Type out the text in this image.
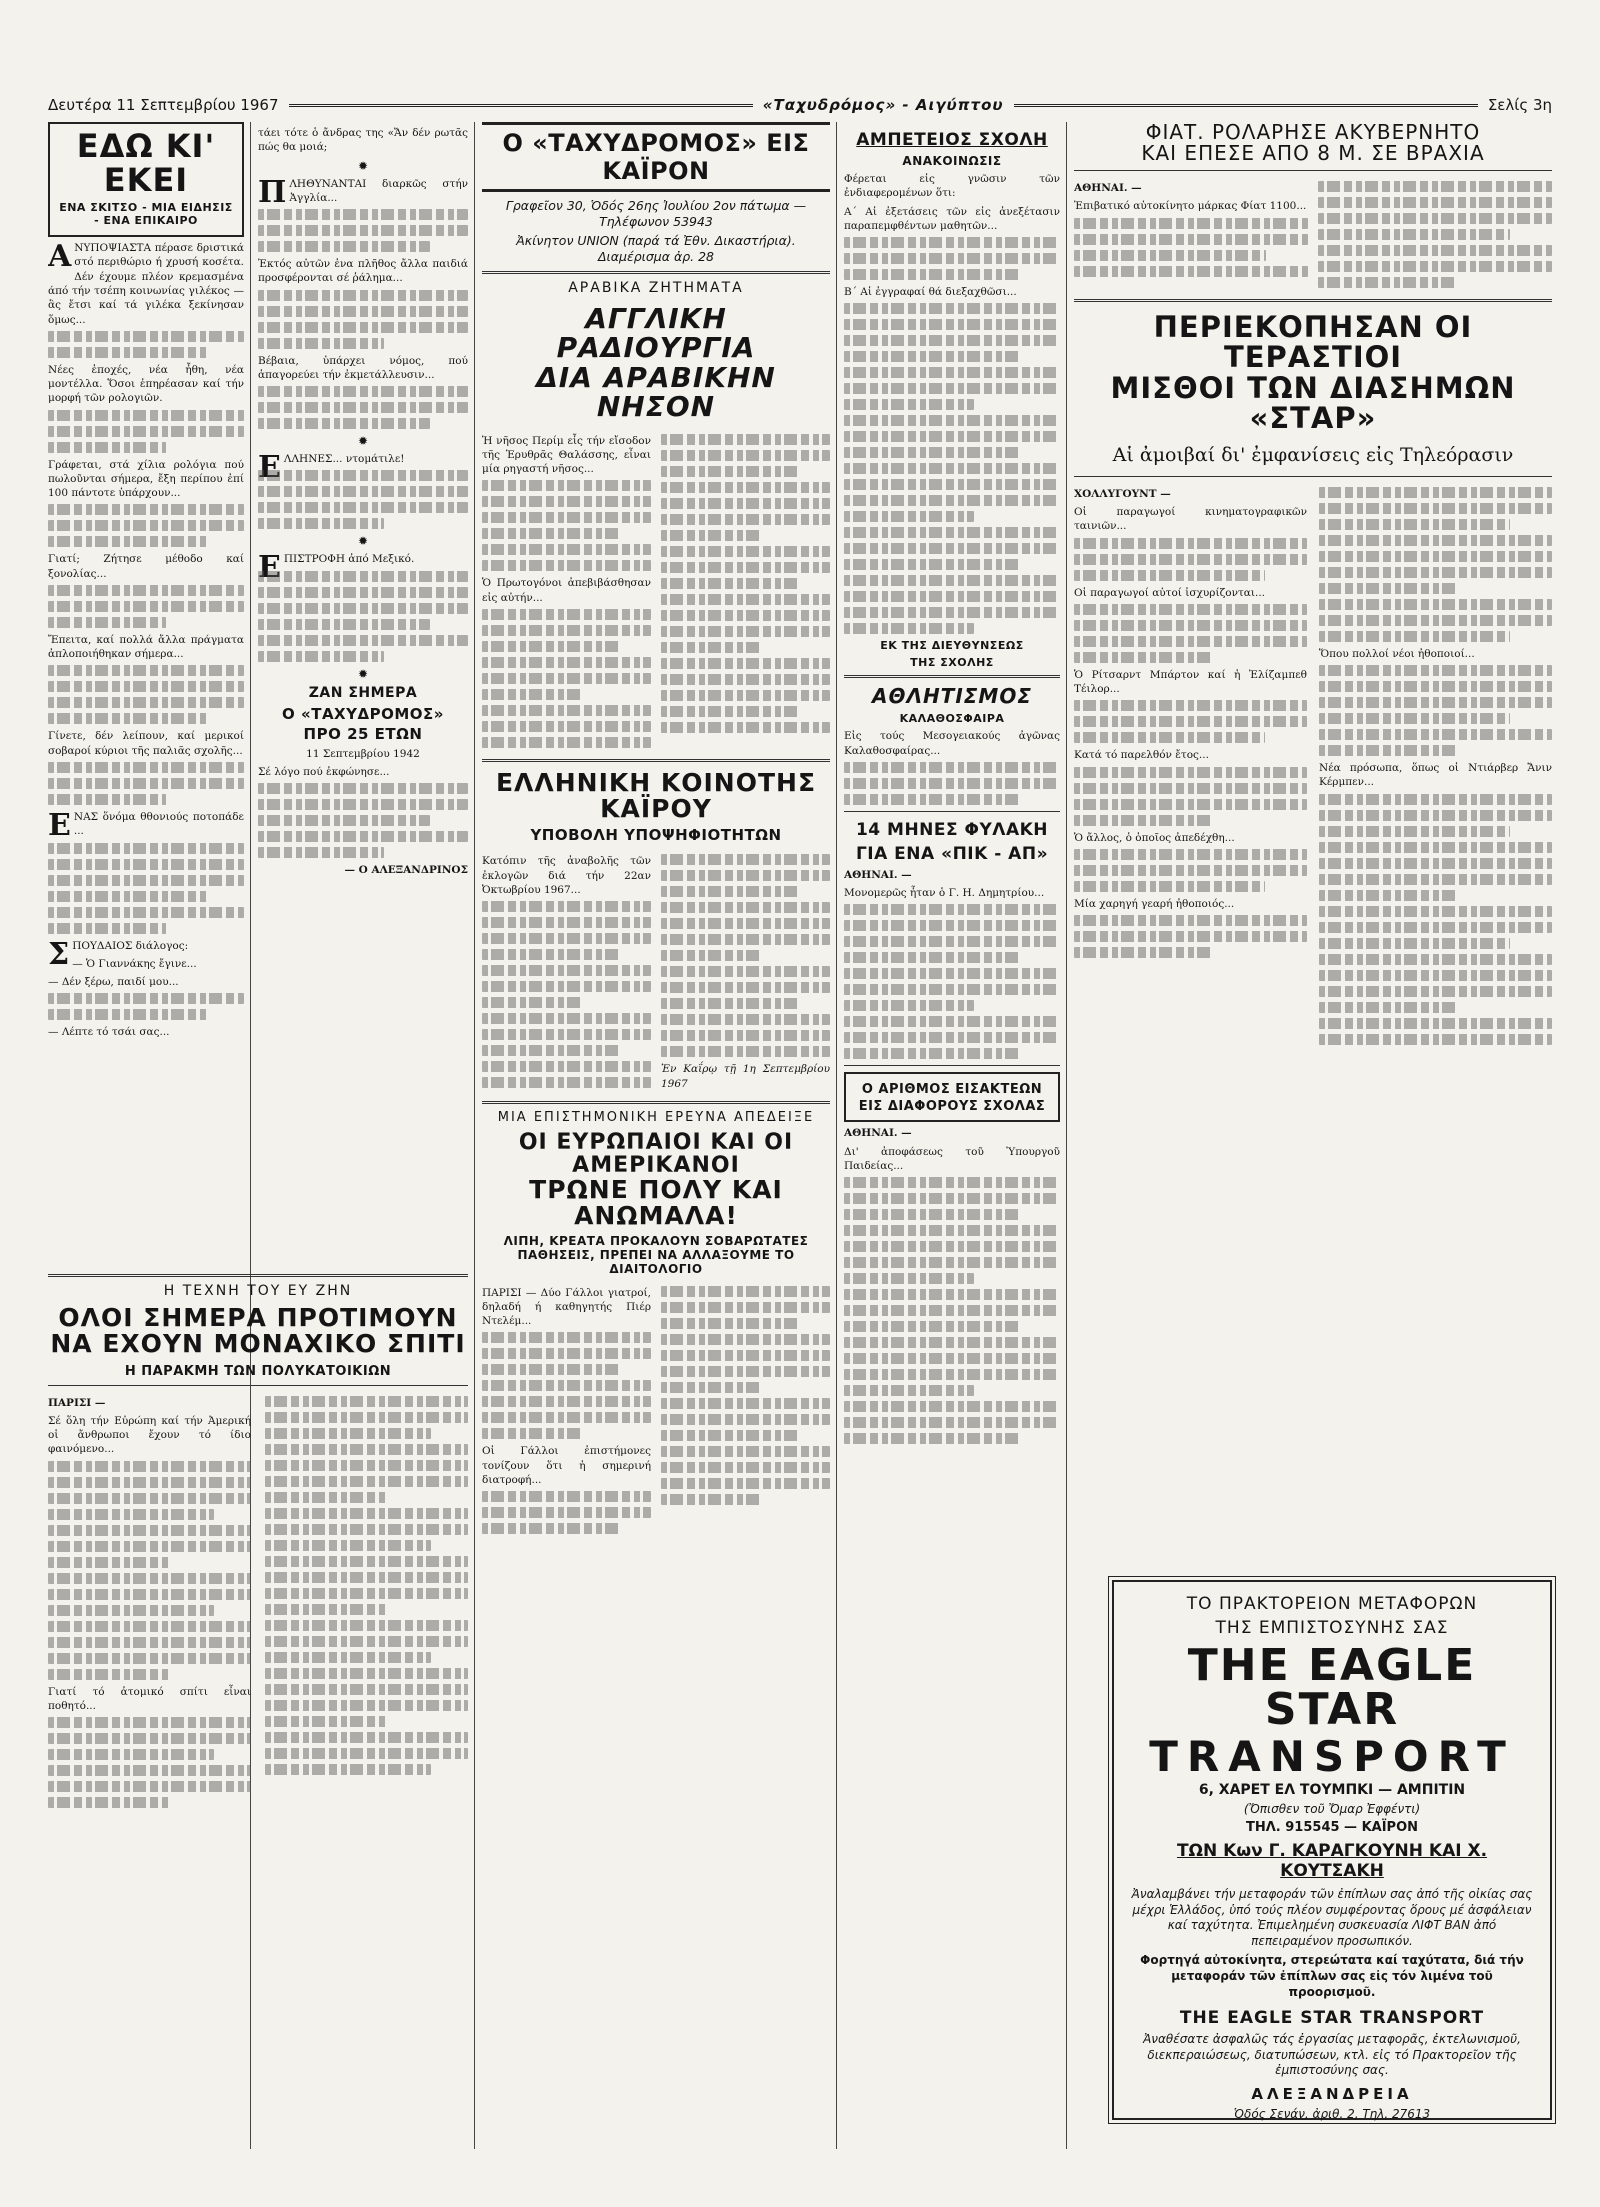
Δευτέρα 11 Σεπτεμβρίου 1967	«Ταχυδρόμος» - Αιγύπτου	Σελίς 3η
ΕΔΩ ΚΙ' ΕΚΕΙ
ΕΝΑ ΣΚΙΤΣΟ - ΜΙΑ ΕΙΔΗΣΙΣ - ΕΝΑ ΕΠΙΚΑΙΡΟ

ΑΝΥΠΟΨΙΑΣΤΑ πέρασε δριστικά στό περιθώριο ή χρυσή κοσέτα. Δέν έχουμε πλέον κρεμασμένα άπό τήν τσέπη κοινωνίας γιλέκος — ἂς ἔτσι καί τά γιλέκα ξεκίνησαν ὅμως...

Νέες ἐποχές, νέα ἦθη, νέα μοντέλλα. Ὅσοι ἐπηρέασαν καί τήν μορφή τῶν ρολογιῶν.

Γράφεται, στά χίλια ρολόγια πού πωλοῦνται σήμερα, ἔξη περίπου ἐπί 100 πάντοτε ὑπάρχουν...

Γιατί; Ζήτησε μέθοδο καί ξονολίας...

Ἔπειτα, καί πολλά ἄλλα πράγματα ἀπλοποιήθηκαν σήμερα...

Γίνετε, δέν λείπουν, καί μερικοί σοβαροί κύριοι τῆς παλιᾶς σχολῆς...

ΕΝΑΣ ὅνόμα θθονιούς ποτοπάδε ...

ΣΠΟΥΔΑΙΟΣ διάλογος:

— Ὁ Γιαννάκης ἔγινε...

— Δέν ξέρω, παιδί μου...

— Λέπτε τό τσάι σας...

τάει τότε ὁ ἄνδρας της «Ἄν δέν ρωτᾶς πώς θα μοιά;

✹

ΠΛΗΘΥΝΑΝΤΑΙ διαρκῶς στήν Ἀγγλία...

Ἐκτός αὐτῶν ἐνα πλῆθος ἄλλα παιδιά προσφέρονται σέ ῥάλημα...

Βέβαια, ὑπάρχει νόμος, πού ἀπαγορεύει τήν ἐκμετάλλευσιν...

✹

ΕΛΛΗΝΕΣ... ντομάτιλε!

✹

ΕΠΙΣΤΡΟΦΗ ἀπό Μεξικό.

✹
ΖΑΝ ΣΗΜΕΡΑ
Ο «ΤΑΧΥΔΡΟΜΟΣ»
ΠΡΟ 25 ΕΤΩΝ

11 Σεπτεμβρίου 1942

Σέ λόγο πού ἐκφώνησε...

— Ο ΑΛΕΞΑΝΔΡΙΝΟΣ

Η ΤΕΧΝΗ ΤΟΥ ΕΥ ΖΗΝ
ΟΛΟΙ ΣΗΜΕΡΑ ΠΡΟΤΙΜΟΥΝ
ΝΑ ΕΧΟΥΝ ΜΟΝΑΧΙΚΟ ΣΠΙΤΙ
Η ΠΑΡΑΚΜΗ ΤΩΝ ΠΟΛΥΚΑΤΟΙΚΙΩΝ

ΠΑΡΙΣΙ —

Σέ ὅλη τήν Εὐρώπη καί τήν Ἀμερική οἱ ἄνθρωποι ἔχουν τό ίδιο φαινόμενο...

Γιατί τό ἀτομικό σπίτι εἶναι ποθητό...

Ο «ΤΑΧΥΔΡΟΜΟΣ» ΕΙΣ ΚΑΪΡΟΝ

Γραφεῖον 30, Ὁδός 26ης Ἰουλίου 2ον πάτωμα — Τηλέφωνον 53943

Ἀκίνητον UNION (παρά τά Ἐθν. Δικαστήρια). Διαμέρισμα ἀρ. 28

ΑΡΑΒΙΚΑ ΖΗΤΗΜΑΤΑ
ΑΓΓΛΙΚΗ ΡΑΔΙΟΥΡΓΙΑ
ΔΙΑ ΑΡΑΒΙΚΗΝ ΝΗΣΟΝ

Ἡ νῆσος Περίμ εἶς τήν εἴσοδον τῆς Ἐρυθρᾶς Θαλάσσης, εἶναι μία ρηγαστή νῆσος...

Ὁ Πρωτογόνοι ἀπεβιβάσθησαν εἰς αὐτήν...

ΕΛΛΗΝΙΚΗ ΚΟΙΝΟΤΗΣ ΚΑΪΡΟΥ
ΥΠΟΒΟΛΗ ΥΠΟΨΗΦΙΟΤΗΤΩΝ

Κατόπιν τῆς ἀναβολῆς τῶν ἐκλογῶν διά τήν 22αν Ὀκτωβρίου 1967...

Ἐν Καΐρῳ τῇ 1η Σεπτεμβρίου 1967

ΜΙΑ ΕΠΙΣΤΗΜΟΝΙΚΗ ΕΡΕΥΝΑ ΑΠΕΔΕΙΞΕ
ΟΙ ΕΥΡΩΠΑΙΟΙ ΚΑΙ ΟΙ ΑΜΕΡΙΚΑΝΟΙ
ΤΡΩΝΕ ΠΟΛΥ ΚΑΙ ΑΝΩΜΑΛΑ!
ΛΙΠΗ, ΚΡΕΑΤΑ ΠΡΟΚΑΛΟΥΝ ΣΟΒΑΡΩΤΑΤΕΣ ΠΑΘΗΣΕΙΣ, ΠΡΕΠΕΙ ΝΑ ΑΛΛΑΞΟΥΜΕ ΤΟ ΔΙΑΙΤΟΛΟΓΙΟ

ΠΑΡΙΣΙ — Δύο Γάλλοι γιατροί, δηλαδή ή καθηγητής Πιέρ Ντελέμ...

Οἱ Γάλλοι ἐπιστήμονες τονίζουν ὅτι ἡ σημερινή διατροφή...

ΑΜΠΕΤΕΙΟΣ ΣΧΟΛΗ
ΑΝΑΚΟΙΝΩΣΙΣ

Φέρεται εἰς γνῶσιν τῶν ἐνδιαφερομένων ὅτι:

Α΄ Αἱ ἐξετάσεις τῶν εἰς ἀνεξέτασιν παραπεμφθέντων μαθητῶν...

Β΄ Αἱ ἐγγραφαί θά διεξαχθῶσι...

ΕΚ ΤΗΣ ΔΙΕΥΘΥΝΣΕΩΣ
ΤΗΣ ΣΧΟΛΗΣ
ΑΘΛΗΤΙΣΜΟΣ
ΚΑΛΑΘΟΣΦΑΙΡΑ

Εἰς τούς Μεσογειακούς ἀγῶνας Καλαθοσφαίρας...

14 ΜΗΝΕΣ ΦΥΛΑΚΗ
ΓΙΑ ΕΝΑ «ΠΙΚ - ΑΠ»

ΑΘΗΝΑΙ. —

Μονομερῶς ἦταν ὁ Γ. Η. Δημητρίου...

Ο ΑΡΙΘΜΟΣ ΕΙΣΑΚΤΕΩΝ
ΕΙΣ ΔΙΑΦΟΡΟΥΣ ΣΧΟΛΑΣ

ΑΘΗΝΑΙ. —

Δι' ἀποφάσεως τοῦ Ὑπουργοῦ Παιδείας...

ΦΙΑΤ. ΡΟΛΑΡΗΣΕ ΑΚΥΒΕΡΝΗΤΟ
ΚΑΙ ΕΠΕΣΕ ΑΠΟ 8 Μ. ΣΕ ΒΡΑΧΙΑ

ΑΘΗΝΑΙ. —

Ἐπιβατικό αὐτοκίνητο μάρκας Φίατ 1100...

ΠΕΡΙΕΚΟΠΗΣΑΝ ΟΙ ΤΕΡΑΣΤΙΟΙ
ΜΙΣΘΟΙ ΤΩΝ ΔΙΑΣΗΜΩΝ «ΣΤΑΡ»

Αἱ ἀμοιβαί δι' ἐμφανίσεις εἰς Τηλεόρασιν

ΧΟΛΛΥΓΟΥΝΤ —

Οἱ παραγωγοί κινηματογραφικῶν ταινιῶν...

Οἱ παραγωγοί αὐτοί ἰσχυρίζονται...

Ὁ Ρίτσαρντ Μπάρτον καί ἡ Ἐλίζαμπεθ Τέιλορ...

Κατά τό παρελθόν ἔτος...

Ὁ ἄλλος, ὁ ὁποῖος ἀπεδέχθη...

Μία χαρηγή γεαρή ἠθοποιός...

Ὅπου πολλοί νέοι ἠθοποιοί...

Νέα πρόσωπα, ὅπως οἱ Ντιάρβερ Ἄνιν Κέρμπεν...

ΤΟ ΠΡΑΚΤΟΡΕΙΟΝ ΜΕΤΑΦΟΡΩΝ

ΤΗΣ ΕΜΠΙΣΤΟΣΥΝΗΣ ΣΑΣ

THE EAGLE STAR
TRANSPORT

6, ΧΑΡΕΤ ΕΛ ΤΟΥΜΠΚΙ — ΑΜΠΙΤΙΝ

(Ὄπισθεν τοῦ Ὄμαρ Ἐφφέντι)

ΤΗΛ. 915545 — ΚΑΪΡΟΝ

ΤΩΝ Κων Γ. ΚΑΡΑΓΚΟΥΝΗ ΚΑΙ Χ. ΚΟΥΤΣΑΚΗ

Ἀναλαμβάνει τήν μεταφοράν τῶν ἐπίπλων σας ἀπό τῆς οἰκίας σας μέχρι Ἑλλάδος, ὑπό τούς πλέον συμφέροντας ὅρους μέ ἀσφάλειαν καί ταχύτητα. Ἐπιμελημένη συσκευασία ΛΙΦΤ ΒΑΝ ἀπό πεπειραμένον προσωπικόν.

Φορτηγά αὐτοκίνητα, στερεώτατα καί ταχύτατα, διά τήν μεταφοράν τῶν ἐπίπλων σας εἰς τόν λιμένα τοῦ προορισμοῦ.

THE EAGLE STAR TRANSPORT

Ἀναθέσατε ἀσφαλῶς τάς ἐργασίας μεταφορᾶς, ἐκτελωνισμοῦ, διεκπεραιώσεως, διατυπώσεων, κτλ. εἰς τό Πρακτορεῖον τῆς ἐμπιστοσύνης σας.

ΑΛΕΞΑΝΔΡΕΙΑ

Ὁδός Σενάν, ἀριθ. 2, Τηλ. 27613
